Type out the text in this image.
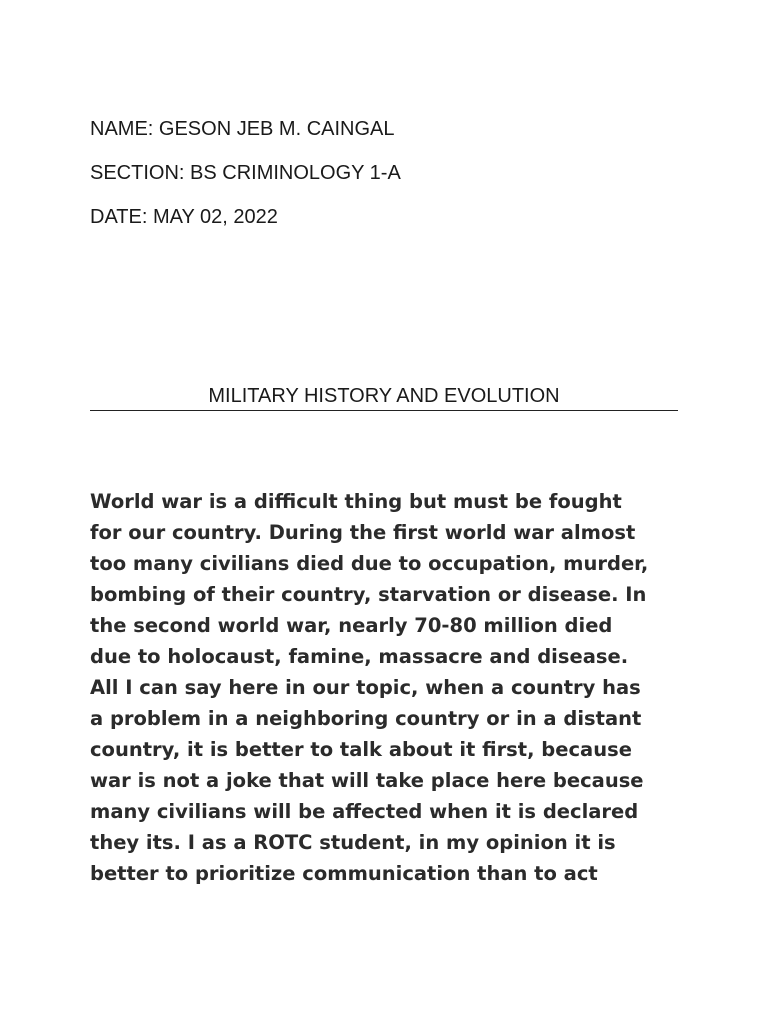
NAME: GESON JEB M. CAINGAL

SECTION: BS CRIMINOLOGY 1-A

DATE: MAY 02, 2022

MILITARY HISTORY AND EVOLUTION
World war is a difficult thing but must be fought
for our country. During the first world war almost
too many civilians died due to occupation, murder,
bombing of their country, starvation or disease. In
the second world war, nearly 70-80 million died
due to holocaust, famine, massacre and disease.
All I can say here in our topic, when a country has
a problem in a neighboring country or in a distant
country, it is better to talk about it first, because
war is not a joke that will take place here because
many civilians will be affected when it is declared
they its. I as a ROTC student, in my opinion it is
better to prioritize communication than to act
